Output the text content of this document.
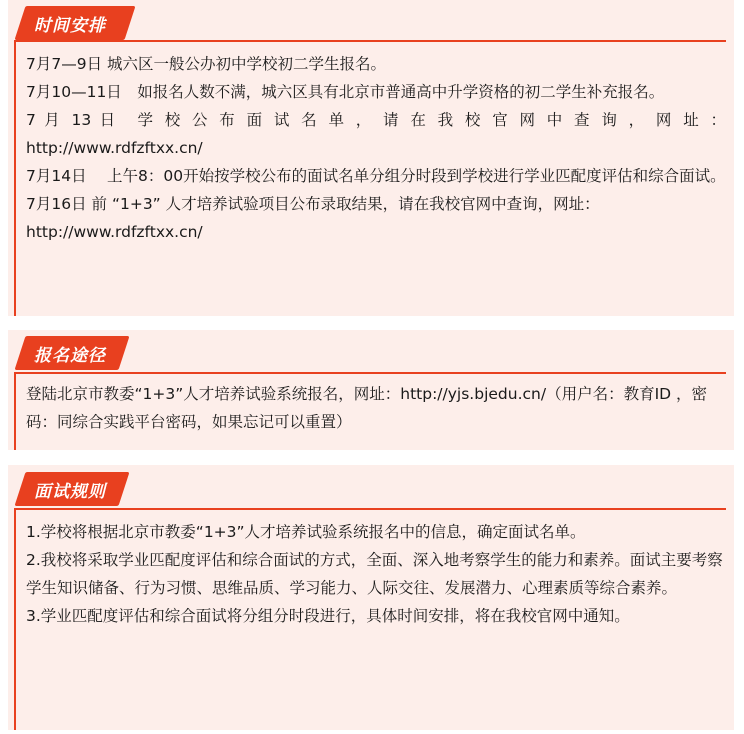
时间安排

7月7—9日 城六区一般公办初中学校初二学生报名。

7月10—11日　如报名人数不满，城六区具有北京市普通高中升学资格的初二学生补充报名。

7 月 13 日　学 校 公 布 面 试 名 单 ， 请 在 我 校 官 网 中 查 询 ， 网 址 ： http://www.rdfzftxx.cn/

7月14日　 上午8：00开始按学校公布的面试名单分组分时段到学校进行学业匹配度评估和综合面试。

7月16日 前 “1+3” 人才培养试验项目公布录取结果，请在我校官网中查询，网址：http://www.rdfzftxx.cn/

报名途径

登陆北京市教委“1+3”人才培养试验系统报名，网址：http://yjs.bjedu.cn/（用户名：教育ID ，密码：同综合实践平台密码，如果忘记可以重置）

面试规则

1.学校将根据北京市教委“1+3”人才培养试验系统报名中的信息，确定面试名单。

2.我校将采取学业匹配度评估和综合面试的方式，全面、深入地考察学生的能力和素养。面试主要考察学生知识储备、行为习惯、思维品质、学习能力、人际交往、发展潜力、心理素质等综合素养。

3.学业匹配度评估和综合面试将分组分时段进行，具体时间安排，将在我校官网中通知。
